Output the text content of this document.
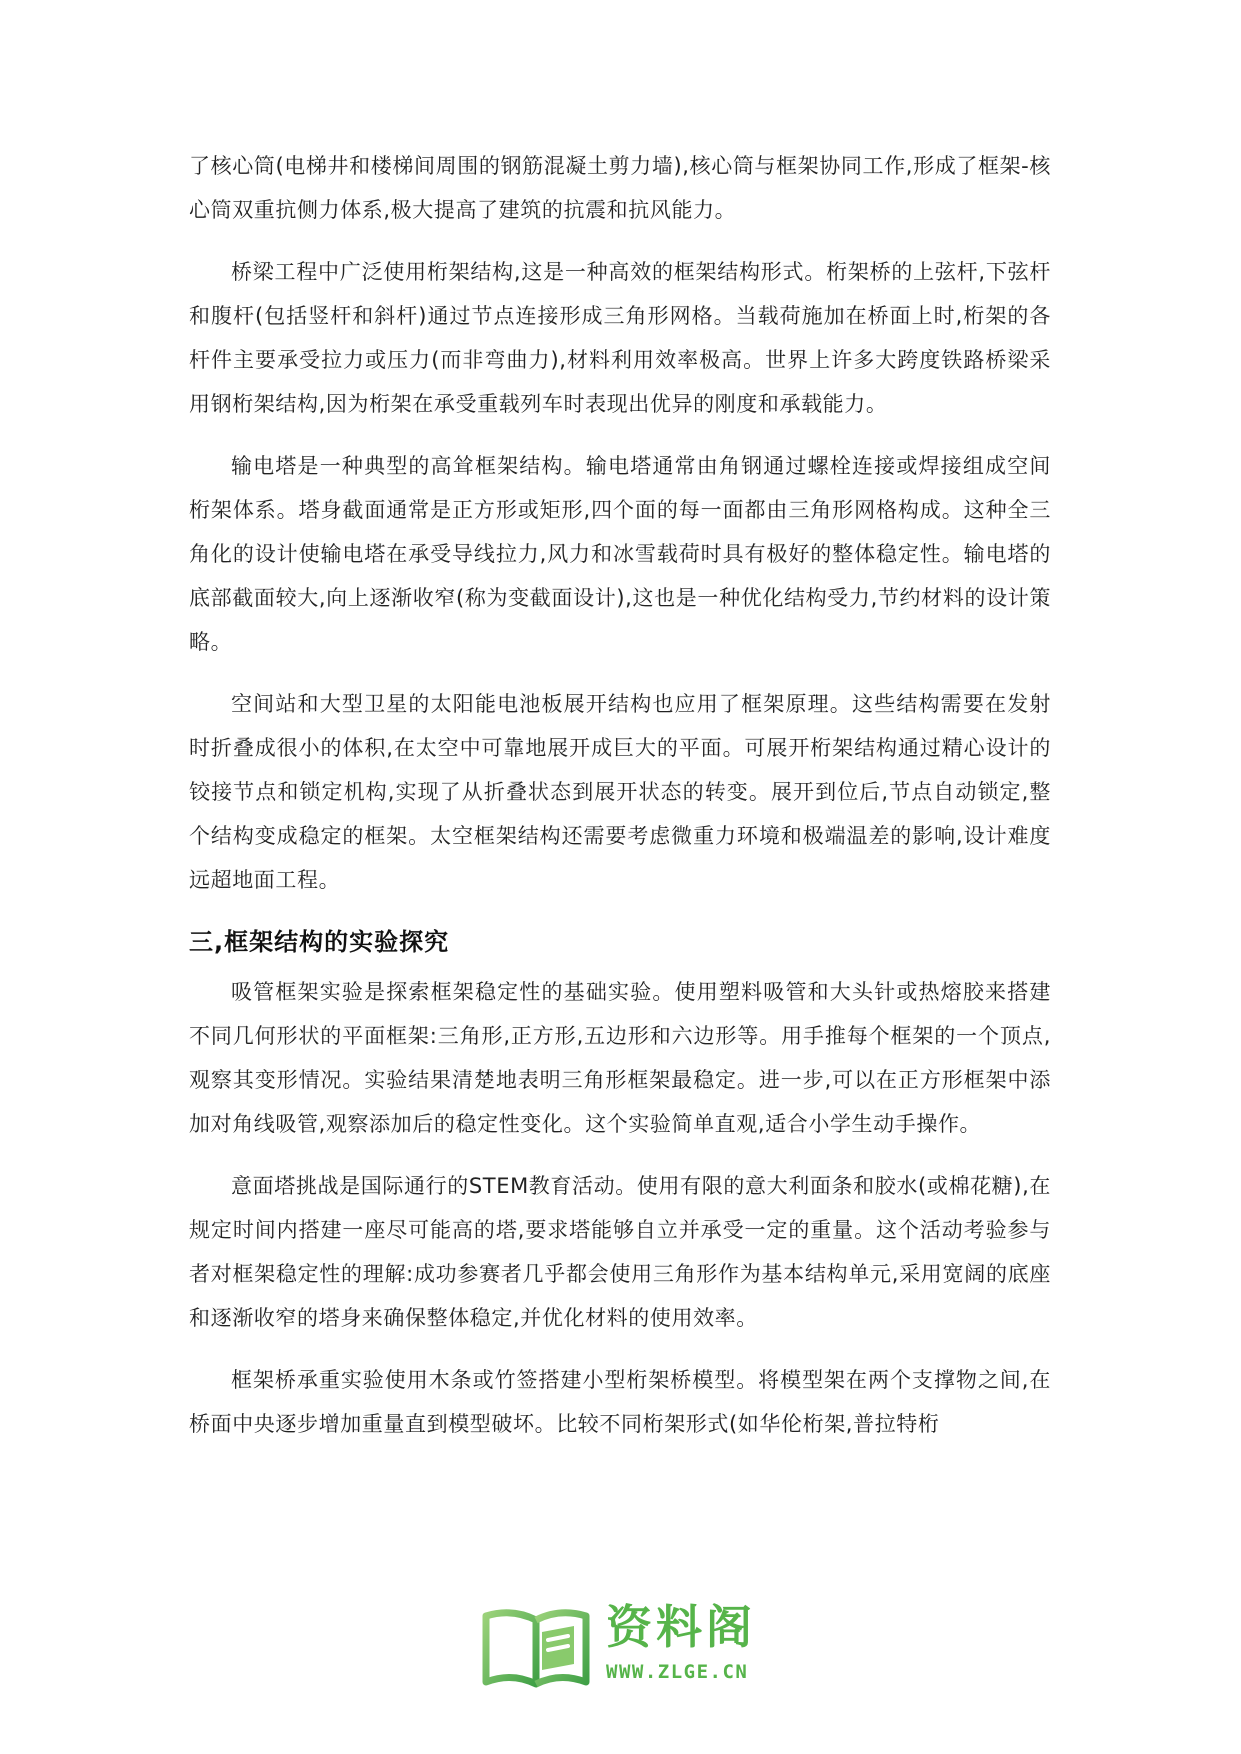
了核心筒(电梯井和楼梯间周围的钢筋混凝土剪力墙),核心筒与框架协同工作,形成了框架-核心筒双重抗侧力体系,极大提高了建筑的抗震和抗风能力。

桥梁工程中广泛使用桁架结构,这是一种高效的框架结构形式。桁架桥的上弦杆,下弦杆和腹杆(包括竖杆和斜杆)通过节点连接形成三角形网格。当载荷施加在桥面上时,桁架的各杆件主要承受拉力或压力(而非弯曲力),材料利用效率极高。世界上许多大跨度铁路桥梁采用钢桁架结构,因为桁架在承受重载列车时表现出优异的刚度和承载能力。

输电塔是一种典型的高耸框架结构。输电塔通常由角钢通过螺栓连接或焊接组成空间桁架体系。塔身截面通常是正方形或矩形,四个面的每一面都由三角形网格构成。这种全三角化的设计使输电塔在承受导线拉力,风力和冰雪载荷时具有极好的整体稳定性。输电塔的底部截面较大,向上逐渐收窄(称为变截面设计),这也是一种优化结构受力,节约材料的设计策略。

空间站和大型卫星的太阳能电池板展开结构也应用了框架原理。这些结构需要在发射时折叠成很小的体积,在太空中可靠地展开成巨大的平面。可展开桁架结构通过精心设计的铰接节点和锁定机构,实现了从折叠状态到展开状态的转变。展开到位后,节点自动锁定,整个结构变成稳定的框架。太空框架结构还需要考虑微重力环境和极端温差的影响,设计难度远超地面工程。

三,框架结构的实验探究

吸管框架实验是探索框架稳定性的基础实验。使用塑料吸管和大头针或热熔胶来搭建不同几何形状的平面框架:三角形,正方形,五边形和六边形等。用手推每个框架的一个顶点,观察其变形情况。实验结果清楚地表明三角形框架最稳定。进一步,可以在正方形框架中添加对角线吸管,观察添加后的稳定性变化。这个实验简单直观,适合小学生动手操作。

意面塔挑战是国际通行的STEM教育活动。使用有限的意大利面条和胶水(或棉花糖),在规定时间内搭建一座尽可能高的塔,要求塔能够自立并承受一定的重量。这个活动考验参与者对框架稳定性的理解:成功参赛者几乎都会使用三角形作为基本结构单元,采用宽阔的底座和逐渐收窄的塔身来确保整体稳定,并优化材料的使用效率。

框架桥承重实验使用木条或竹签搭建小型桁架桥模型。将模型架在两个支撑物之间,在桥面中央逐步增加重量直到模型破坏。比较不同桁架形式(如华伦桁架,普拉特桁

资料阁
WWW.ZLGE.CN
